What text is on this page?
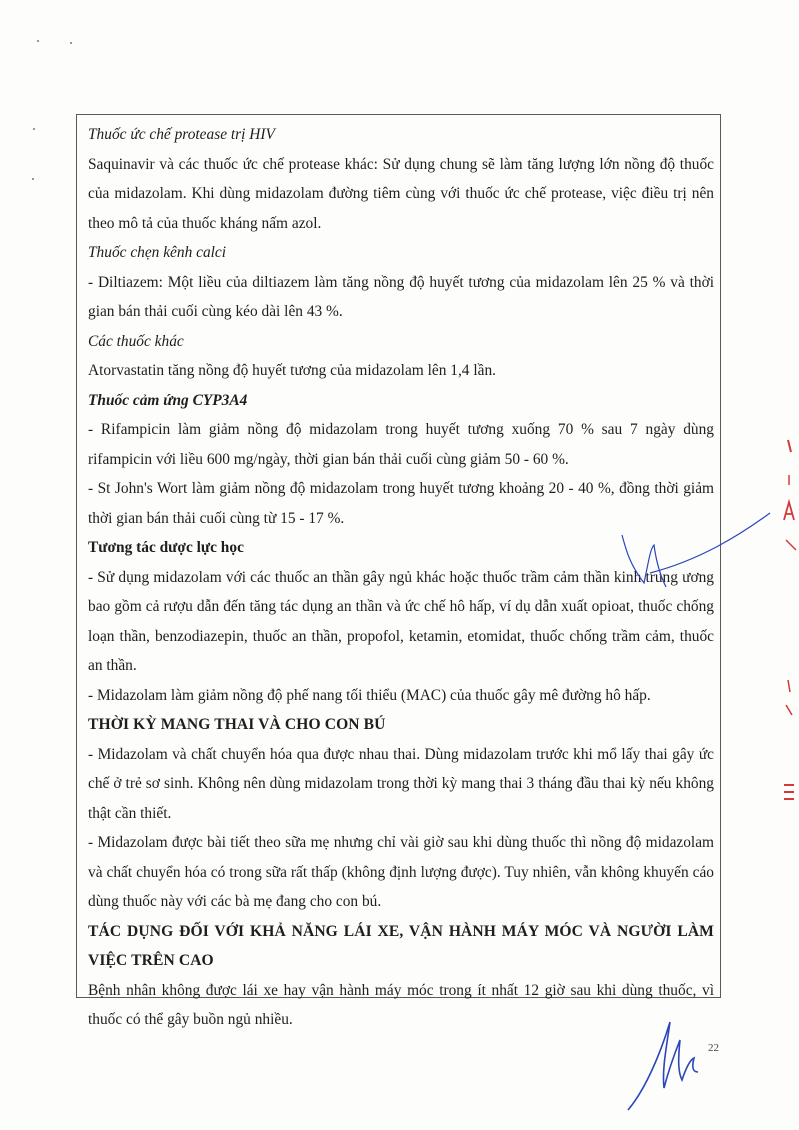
Thuốc ức chế protease trị HIV

Saquinavir và các thuốc ức chế protease khác: Sử dụng chung sẽ làm tăng lượng lớn nồng độ thuốc của midazolam. Khi dùng midazolam đường tiêm cùng với thuốc ức chế protease, việc điều trị nên theo mô tả của thuốc kháng nấm azol.

Thuốc chẹn kênh calci

- Diltiazem: Một liều của diltiazem làm tăng nồng độ huyết tương của midazolam lên 25 % và thời gian bán thải cuối cùng kéo dài lên 43 %.

Các thuốc khác

Atorvastatin tăng nồng độ huyết tương của midazolam lên 1,4 lần.

Thuốc cảm ứng CYP3A4

- Rifampicin làm giảm nồng độ midazolam trong huyết tương xuống 70 % sau 7 ngày dùng rifampicin với liều 600 mg/ngày, thời gian bán thải cuối cùng giảm 50 - 60 %.

- St John's Wort làm giảm nồng độ midazolam trong huyết tương khoảng 20 - 40 %, đồng thời giảm thời gian bán thải cuối cùng từ 15 - 17 %.

Tương tác dược lực học

- Sử dụng midazolam với các thuốc an thần gây ngủ khác hoặc thuốc trầm cảm thần kinh trung ương bao gồm cả rượu dẫn đến tăng tác dụng an thần và ức chế hô hấp, ví dụ dẫn xuất opioat, thuốc chống loạn thần, benzodiazepin, thuốc an thần, propofol, ketamin, etomidat, thuốc chống trầm cảm, thuốc an thần.

- Midazolam làm giảm nồng độ phế nang tối thiểu (MAC) của thuốc gây mê đường hô hấp.

THỜI KỲ MANG THAI VÀ CHO CON BÚ

- Midazolam và chất chuyển hóa qua được nhau thai. Dùng midazolam trước khi mổ lấy thai gây ức chế ở trẻ sơ sinh. Không nên dùng midazolam trong thời kỳ mang thai 3 tháng đầu thai kỳ nếu không thật cần thiết.

- Midazolam được bài tiết theo sữa mẹ nhưng chỉ vài giờ sau khi dùng thuốc thì nồng độ midazolam và chất chuyển hóa có trong sữa rất thấp (không định lượng được). Tuy nhiên, vẫn không khuyến cáo dùng thuốc này với các bà mẹ đang cho con bú.

TÁC DỤNG ĐỐI VỚI KHẢ NĂNG LÁI XE, VẬN HÀNH MÁY MÓC VÀ NGƯỜI LÀM VIỆC TRÊN CAO

Bệnh nhân không được lái xe hay vận hành máy móc trong ít nhất 12 giờ sau khi dùng thuốc, vì thuốc có thể gây buồn ngủ nhiều.

22
